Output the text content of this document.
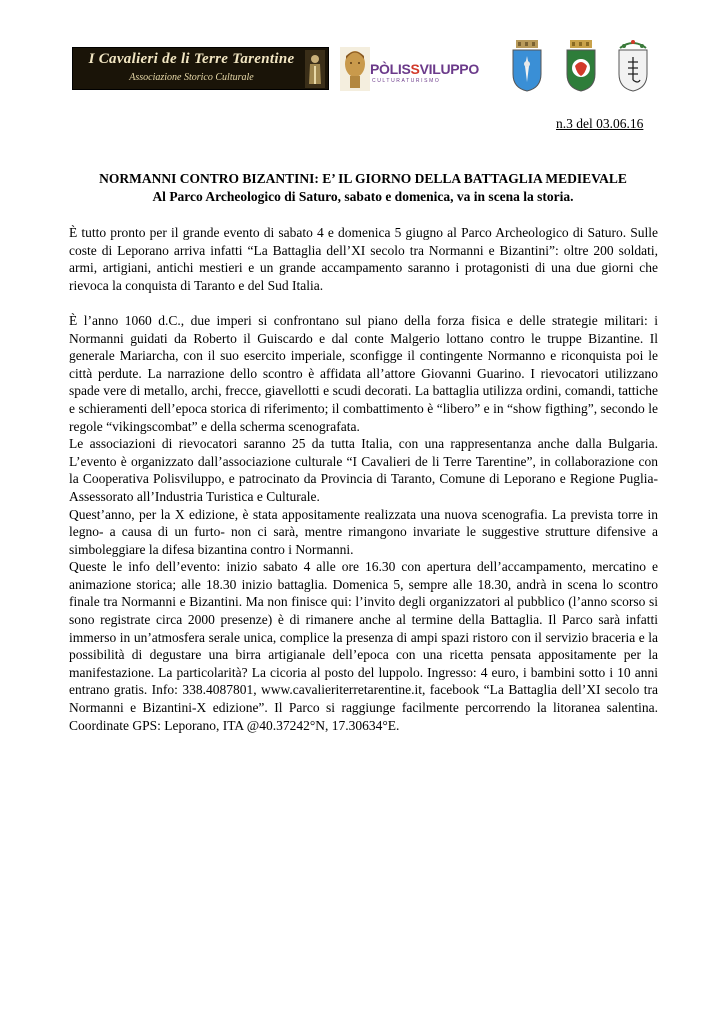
I Cavalieri de li Terre Tarentine
Associazione Storico Culturale
PÒLISSVILUPPO
CULTURATURISMO
n.3 del 03.06.16
NORMANNI CONTRO BIZANTINI: E’ IL GIORNO DELLA BATTAGLIA MEDIEVALE
Al Parco Archeologico di Saturo, sabato e domenica, va in scena la storia.

È tutto pronto per il grande evento di sabato 4 e domenica 5 giugno al Parco Archeologico di Saturo. Sulle coste di Leporano arriva infatti “La Battaglia dell’XI secolo tra Normanni e Bizantini”: oltre 200 soldati, armi, artigiani, antichi mestieri e un grande accampamento saranno i protagonisti di una due giorni che rievoca la conquista di Taranto e del Sud Italia.

È l’anno 1060 d.C., due imperi si confrontano sul piano della forza fisica e delle strategie militari: i Normanni guidati da Roberto il Guiscardo e dal conte Malgerio lottano contro le truppe Bizantine. Il generale Mariarcha, con il suo esercito imperiale, sconfigge il contingente Normanno e riconquista poi le città perdute. La narrazione dello scontro è affidata all’attore Giovanni Guarino. I rievocatori utilizzano spade vere di metallo, archi, frecce, giavellotti e scudi decorati. La battaglia utilizza ordini, comandi, tattiche e schieramenti dell’epoca storica di riferimento; il combattimento è “libero” e in “show figthing”, secondo le regole “vikingscombat” e della scherma scenografata.

Le associazioni di rievocatori saranno 25 da tutta Italia, con una rappresentanza anche dalla Bulgaria. L’evento è organizzato dall’associazione culturale “I Cavalieri de li Terre Tarentine”, in collaborazione con la Cooperativa Polisviluppo, e patrocinato da Provincia di Taranto, Comune di Leporano e Regione Puglia- Assessorato all’Industria Turistica e Culturale.

Quest’anno, per la X edizione, è stata appositamente realizzata una nuova scenografia. La prevista torre in legno- a causa di un furto- non ci sarà, mentre rimangono invariate le suggestive strutture difensive a simboleggiare la difesa bizantina contro i Normanni.

Queste le info dell’evento: inizio sabato 4 alle ore 16.30 con apertura dell’accampamento, mercatino e animazione storica; alle 18.30 inizio battaglia. Domenica 5, sempre alle 18.30, andrà in scena lo scontro finale tra Normanni e Bizantini. Ma non finisce qui: l’invito degli organizzatori al pubblico (l’anno scorso si sono registrate circa 2000 presenze) è di rimanere anche al termine della Battaglia. Il Parco sarà infatti immerso in un’atmosfera serale unica, complice la presenza di ampi spazi ristoro con il servizio braceria e la possibilità di degustare una birra artigianale dell’epoca con una ricetta pensata appositamente per la manifestazione. La particolarità? La cicoria al posto del luppolo. Ingresso: 4 euro, i bambini sotto i 10 anni entrano gratis. Info: 338.4087801, www.cavalieriterretarentine.it, facebook “La Battaglia dell’XI secolo tra Normanni e Bizantini-X edizione”. Il Parco si raggiunge facilmente percorrendo la litoranea salentina. Coordinate GPS: Leporano, ITA @40.37242°N, 17.30634°E.
